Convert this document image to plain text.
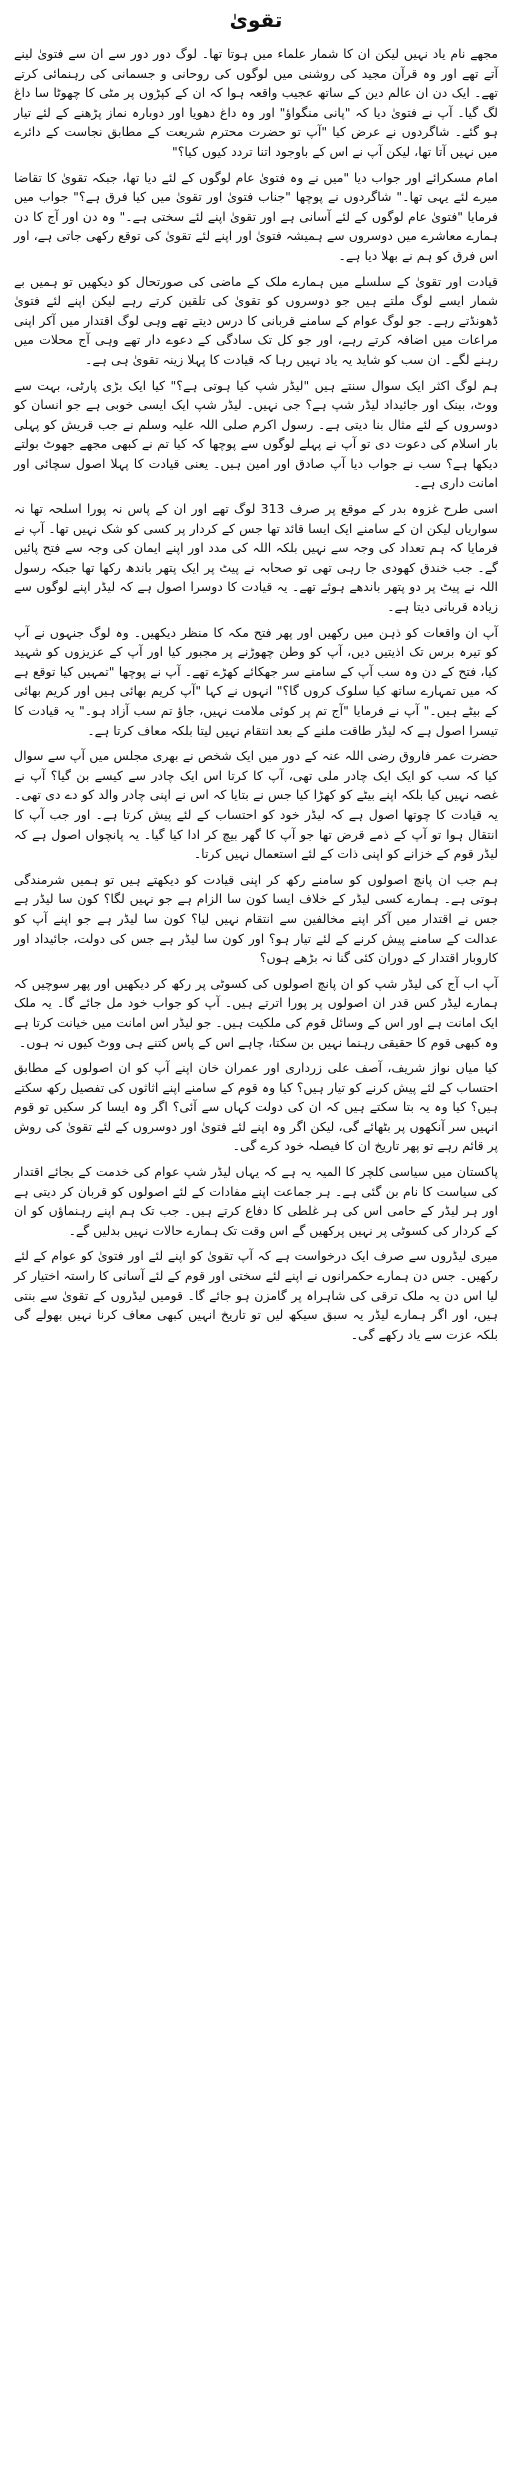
تقویٰ

مجھے نام یاد نہیں لیکن ان کا شمار علماء میں ہوتا تھا۔ لوگ دور دور سے ان سے فتویٰ لینے آتے تھے اور وہ قرآن مجید کی روشنی میں لوگوں کی روحانی و جسمانی کی رہنمائی کرتے تھے۔ ایک دن ان عالم دین کے ساتھ عجیب واقعہ ہوا کہ ان کے کپڑوں پر مٹی کا چھوٹا سا داغ لگ گیا۔ آپ نے فتویٰ دیا کہ "پانی منگواؤ" اور وہ داغ دھویا اور دوبارہ نماز پڑھنے کے لئے تیار ہو گئے۔ شاگردوں نے عرض کیا "آپ تو حضرت محترم شریعت کے مطابق نجاست کے دائرے میں نہیں آتا تھا، لیکن آپ نے اس کے باوجود اتنا تردد کیوں کیا؟"

امام مسکرائے اور جواب دیا "میں نے وہ فتویٰ عام لوگوں کے لئے دیا تھا، جبکہ تقویٰ کا تقاضا میرے لئے یہی تھا۔" شاگردوں نے پوچھا "جناب فتویٰ اور تقویٰ میں کیا فرق ہے؟" جواب میں فرمایا "فتویٰ عام لوگوں کے لئے آسانی ہے اور تقویٰ اپنے لئے سختی ہے۔" وہ دن اور آج کا دن ہمارے معاشرے میں دوسروں سے ہمیشہ فتویٰ اور اپنے لئے تقویٰ کی توقع رکھی جاتی ہے، اور اس فرق کو ہم نے بھلا دیا ہے۔

قیادت اور تقویٰ کے سلسلے میں ہمارے ملک کے ماضی کی صورتحال کو دیکھیں تو ہمیں بے شمار ایسے لوگ ملتے ہیں جو دوسروں کو تقویٰ کی تلقین کرتے رہے لیکن اپنے لئے فتویٰ ڈھونڈتے رہے۔ جو لوگ عوام کے سامنے قربانی کا درس دیتے تھے وہی لوگ اقتدار میں آکر اپنی مراعات میں اضافہ کرتے رہے، اور جو کل تک سادگی کے دعوے دار تھے وہی آج محلات میں رہنے لگے۔ ان سب کو شاید یہ یاد نہیں رہا کہ قیادت کا پہلا زینہ تقویٰ ہی ہے۔

ہم لوگ اکثر ایک سوال سنتے ہیں "لیڈر شپ کیا ہوتی ہے؟" کیا ایک بڑی پارٹی، بہت سے ووٹ، بینک اور جائیداد لیڈر شپ ہے؟ جی نہیں۔ لیڈر شپ ایک ایسی خوبی ہے جو انسان کو دوسروں کے لئے مثال بنا دیتی ہے۔ رسول اکرم صلی اللہ علیہ وسلم نے جب قریش کو پہلی بار اسلام کی دعوت دی تو آپ نے پہلے لوگوں سے پوچھا کہ کیا تم نے کبھی مجھے جھوٹ بولتے دیکھا ہے؟ سب نے جواب دیا آپ صادق اور امین ہیں۔ یعنی قیادت کا پہلا اصول سچائی اور امانت داری ہے۔

اسی طرح غزوہ بدر کے موقع پر صرف 313 لوگ تھے اور ان کے پاس نہ پورا اسلحہ تھا نہ سواریاں لیکن ان کے سامنے ایک ایسا قائد تھا جس کے کردار پر کسی کو شک نہیں تھا۔ آپ نے فرمایا کہ ہم تعداد کی وجہ سے نہیں بلکہ اللہ کی مدد اور اپنے ایمان کی وجہ سے فتح پائیں گے۔ جب خندق کھودی جا رہی تھی تو صحابہ نے پیٹ پر ایک پتھر باندھ رکھا تھا جبکہ رسول اللہ نے پیٹ پر دو پتھر باندھے ہوئے تھے۔ یہ قیادت کا دوسرا اصول ہے کہ لیڈر اپنے لوگوں سے زیادہ قربانی دیتا ہے۔

آپ ان واقعات کو ذہن میں رکھیں اور پھر فتح مکہ کا منظر دیکھیں۔ وہ لوگ جنہوں نے آپ کو تیرہ برس تک اذیتیں دیں، آپ کو وطن چھوڑنے پر مجبور کیا اور آپ کے عزیزوں کو شہید کیا، فتح کے دن وہ سب آپ کے سامنے سر جھکائے کھڑے تھے۔ آپ نے پوچھا "تمہیں کیا توقع ہے کہ میں تمہارے ساتھ کیا سلوک کروں گا؟" انہوں نے کہا "آپ کریم بھائی ہیں اور کریم بھائی کے بیٹے ہیں۔" آپ نے فرمایا "آج تم پر کوئی ملامت نہیں، جاؤ تم سب آزاد ہو۔" یہ قیادت کا تیسرا اصول ہے کہ لیڈر طاقت ملنے کے بعد انتقام نہیں لیتا بلکہ معاف کرتا ہے۔

حضرت عمر فاروق رضی اللہ عنہ کے دور میں ایک شخص نے بھری مجلس میں آپ سے سوال کیا کہ سب کو ایک ایک چادر ملی تھی، آپ کا کرتا اس ایک چادر سے کیسے بن گیا؟ آپ نے غصہ نہیں کیا بلکہ اپنے بیٹے کو کھڑا کیا جس نے بتایا کہ اس نے اپنی چادر والد کو دے دی تھی۔ یہ قیادت کا چوتھا اصول ہے کہ لیڈر خود کو احتساب کے لئے پیش کرتا ہے۔ اور جب آپ کا انتقال ہوا تو آپ کے ذمے قرض تھا جو آپ کا گھر بیچ کر ادا کیا گیا۔ یہ پانچواں اصول ہے کہ لیڈر قوم کے خزانے کو اپنی ذات کے لئے استعمال نہیں کرتا۔

ہم جب ان پانچ اصولوں کو سامنے رکھ کر اپنی قیادت کو دیکھتے ہیں تو ہمیں شرمندگی ہوتی ہے۔ ہمارے کسی لیڈر کے خلاف ایسا کون سا الزام ہے جو نہیں لگا؟ کون سا لیڈر ہے جس نے اقتدار میں آکر اپنے مخالفین سے انتقام نہیں لیا؟ کون سا لیڈر ہے جو اپنے آپ کو عدالت کے سامنے پیش کرنے کے لئے تیار ہو؟ اور کون سا لیڈر ہے جس کی دولت، جائیداد اور کاروبار اقتدار کے دوران کئی گنا نہ بڑھے ہوں؟

آپ اب آج کی لیڈر شپ کو ان پانچ اصولوں کی کسوٹی پر رکھ کر دیکھیں اور پھر سوچیں کہ ہمارے لیڈر کس قدر ان اصولوں پر پورا اترتے ہیں۔ آپ کو جواب خود مل جائے گا۔ یہ ملک ایک امانت ہے اور اس کے وسائل قوم کی ملکیت ہیں۔ جو لیڈر اس امانت میں خیانت کرتا ہے وہ کبھی قوم کا حقیقی رہنما نہیں بن سکتا، چاہے اس کے پاس کتنے ہی ووٹ کیوں نہ ہوں۔

کیا میاں نواز شریف، آصف علی زرداری اور عمران خان اپنے آپ کو ان اصولوں کے مطابق احتساب کے لئے پیش کرنے کو تیار ہیں؟ کیا وہ قوم کے سامنے اپنے اثاثوں کی تفصیل رکھ سکتے ہیں؟ کیا وہ یہ بتا سکتے ہیں کہ ان کی دولت کہاں سے آئی؟ اگر وہ ایسا کر سکیں تو قوم انہیں سر آنکھوں پر بٹھائے گی، لیکن اگر وہ اپنے لئے فتویٰ اور دوسروں کے لئے تقویٰ کی روش پر قائم رہے تو پھر تاریخ ان کا فیصلہ خود کرے گی۔

پاکستان میں سیاسی کلچر کا المیہ یہ ہے کہ یہاں لیڈر شپ عوام کی خدمت کے بجائے اقتدار کی سیاست کا نام بن گئی ہے۔ ہر جماعت اپنے مفادات کے لئے اصولوں کو قربان کر دیتی ہے اور ہر لیڈر کے حامی اس کی ہر غلطی کا دفاع کرتے ہیں۔ جب تک ہم اپنے رہنماؤں کو ان کے کردار کی کسوٹی پر نہیں پرکھیں گے اس وقت تک ہمارے حالات نہیں بدلیں گے۔

میری لیڈروں سے صرف ایک درخواست ہے کہ آپ تقویٰ کو اپنے لئے اور فتویٰ کو عوام کے لئے رکھیں۔ جس دن ہمارے حکمرانوں نے اپنے لئے سختی اور قوم کے لئے آسانی کا راستہ اختیار کر لیا اس دن یہ ملک ترقی کی شاہراہ پر گامزن ہو جائے گا۔ قومیں لیڈروں کے تقویٰ سے بنتی ہیں، اور اگر ہمارے لیڈر یہ سبق سیکھ لیں تو تاریخ انہیں کبھی معاف کرنا نہیں بھولے گی بلکہ عزت سے یاد رکھے گی۔
